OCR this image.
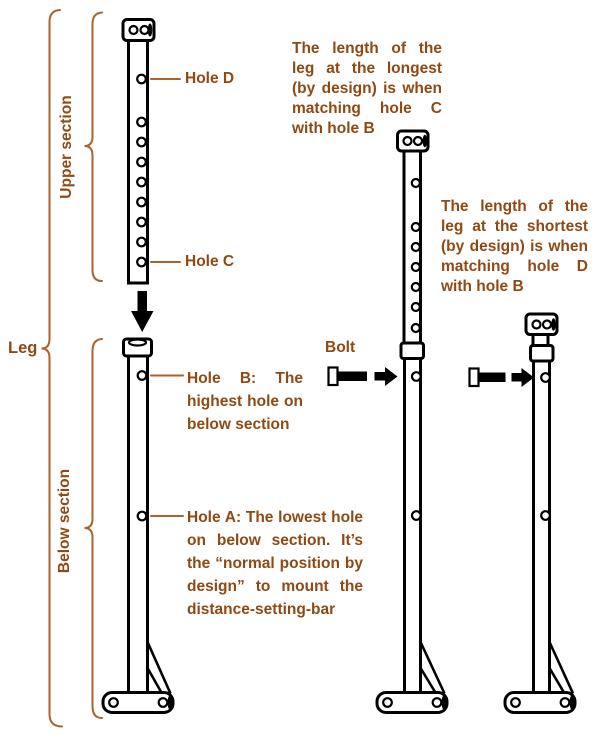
Leg
Upper section
Below section
Hole D
Hole C
Bolt
The length of the
leg at the longest
(by design) is when
matching hole C
with hole B
The length of the
leg at the shortest
(by design) is when
matching hole D
with hole B
Hole B: The
highest hole on
below section
Hole A: The lowest hole
on below section. It’s
the “normal position by
design” to mount the
distance-setting-bar
